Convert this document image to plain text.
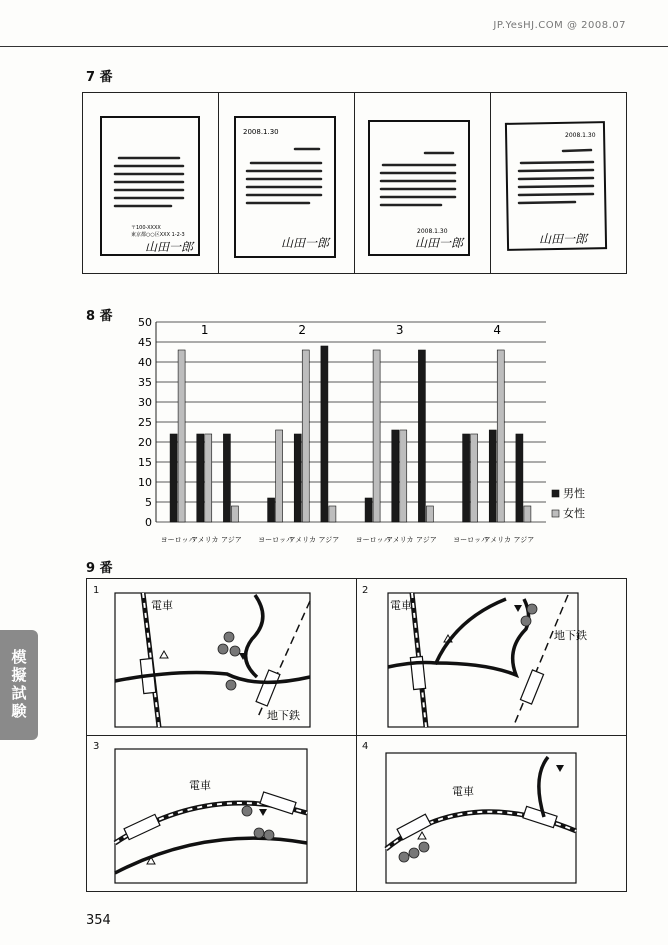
JP.YesHJ.COM @ 2008.07
模擬試験
7 番
〒100-XXXX
東京都○○区XXX 1-2-3
山田一郎
2008.1.30
山田一郎
2008.1.30
山田一郎
2008.1.30
山田一郎
8 番
0
5
10
15
20
25
30
35
40
45
50
1
ヨーロッパ
アメリカ アジア
2
ヨーロッパ
アメリカ アジア
3
ヨーロッパ
アメリカ アジア
4
ヨーロッパ
アメリカ アジア
男性
女性
9 番
1
電車
地下鉄
2
電車
地下鉄
3
電車
4
電車
354
